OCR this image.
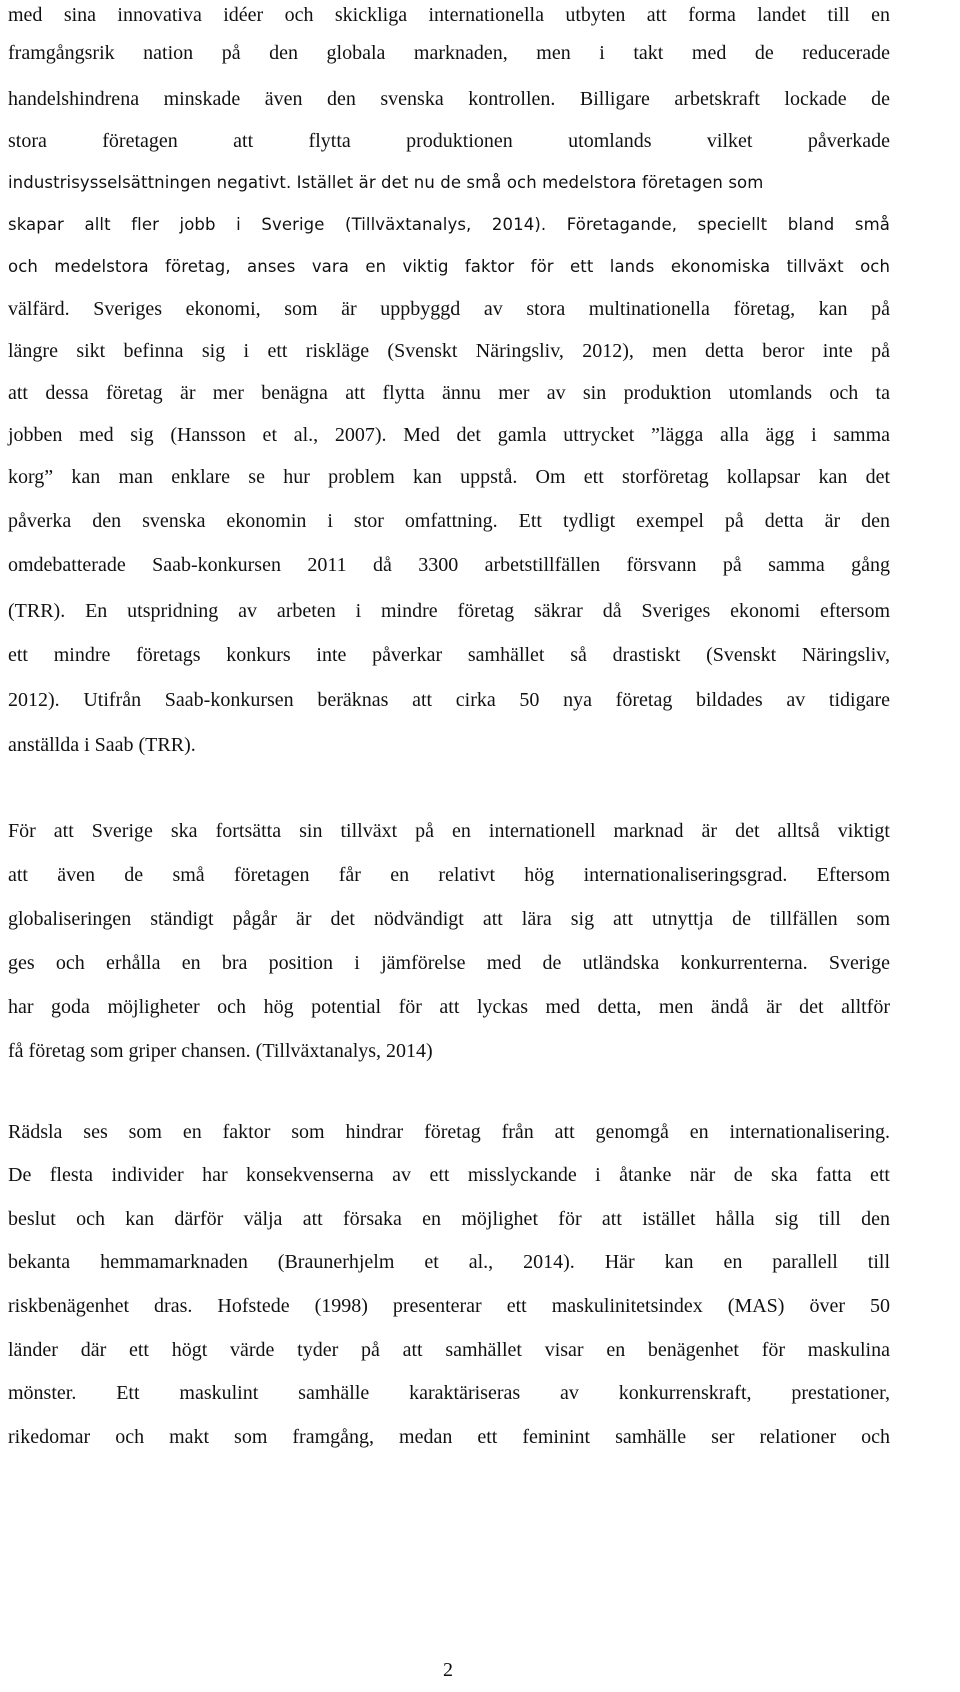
med sina innovativa idéer och skickliga internationella utbyten att forma landet till en
framgångsrik nation på den globala marknaden, men i takt med de reducerade
handelshindrena minskade även den svenska kontrollen. Billigare arbetskraft lockade de
stora företagen att flytta produktionen utomlands vilket påverkade
industrisysselsättningen negativt. Istället är det nu de små och medelstora företagen som
skapar allt fler jobb i Sverige (Tillväxtanalys, 2014). Företagande, speciellt bland små
och medelstora företag, anses vara en viktig faktor för ett lands ekonomiska tillväxt och
välfärd. Sveriges ekonomi, som är uppbyggd av stora multinationella företag, kan på
längre sikt befinna sig i ett riskläge (Svenskt Näringsliv, 2012), men detta beror inte på
att dessa företag är mer benägna att flytta ännu mer av sin produktion utomlands och ta
jobben med sig (Hansson et al., 2007). Med det gamla uttrycket ”lägga alla ägg i samma
korg” kan man enklare se hur problem kan uppstå. Om ett storföretag kollapsar kan det
påverka den svenska ekonomin i stor omfattning. Ett tydligt exempel på detta är den
omdebatterade Saab-konkursen 2011 då 3300 arbetstillfällen försvann på samma gång
(TRR). En utspridning av arbeten i mindre företag säkrar då Sveriges ekonomi eftersom
ett mindre företags konkurs inte påverkar samhället så drastiskt (Svenskt Näringsliv,
2012). Utifrån Saab-konkursen beräknas att cirka 50 nya företag bildades av tidigare
anställda i Saab (TRR).
För att Sverige ska fortsätta sin tillväxt på en internationell marknad är det alltså viktigt
att även de små företagen får en relativt hög internationaliseringsgrad. Eftersom
globaliseringen ständigt pågår är det nödvändigt att lära sig att utnyttja de tillfällen som
ges och erhålla en bra position i jämförelse med de utländska konkurrenterna. Sverige
har goda möjligheter och hög potential för att lyckas med detta, men ändå är det alltför
få företag som griper chansen. (Tillväxtanalys, 2014)
Rädsla ses som en faktor som hindrar företag från att genomgå en internationalisering.
De flesta individer har konsekvenserna av ett misslyckande i åtanke när de ska fatta ett
beslut och kan därför välja att försaka en möjlighet för att istället hålla sig till den
bekanta hemmamarknaden (Braunerhjelm et al., 2014). Här kan en parallell till
riskbenägenhet dras. Hofstede (1998) presenterar ett maskulinitetsindex (MAS) över 50
länder där ett högt värde tyder på att samhället visar en benägenhet för maskulina
mönster. Ett maskulint samhälle karaktäriseras av konkurrenskraft, prestationer,
rikedomar och makt som framgång, medan ett feminint samhälle ser relationer och
2
